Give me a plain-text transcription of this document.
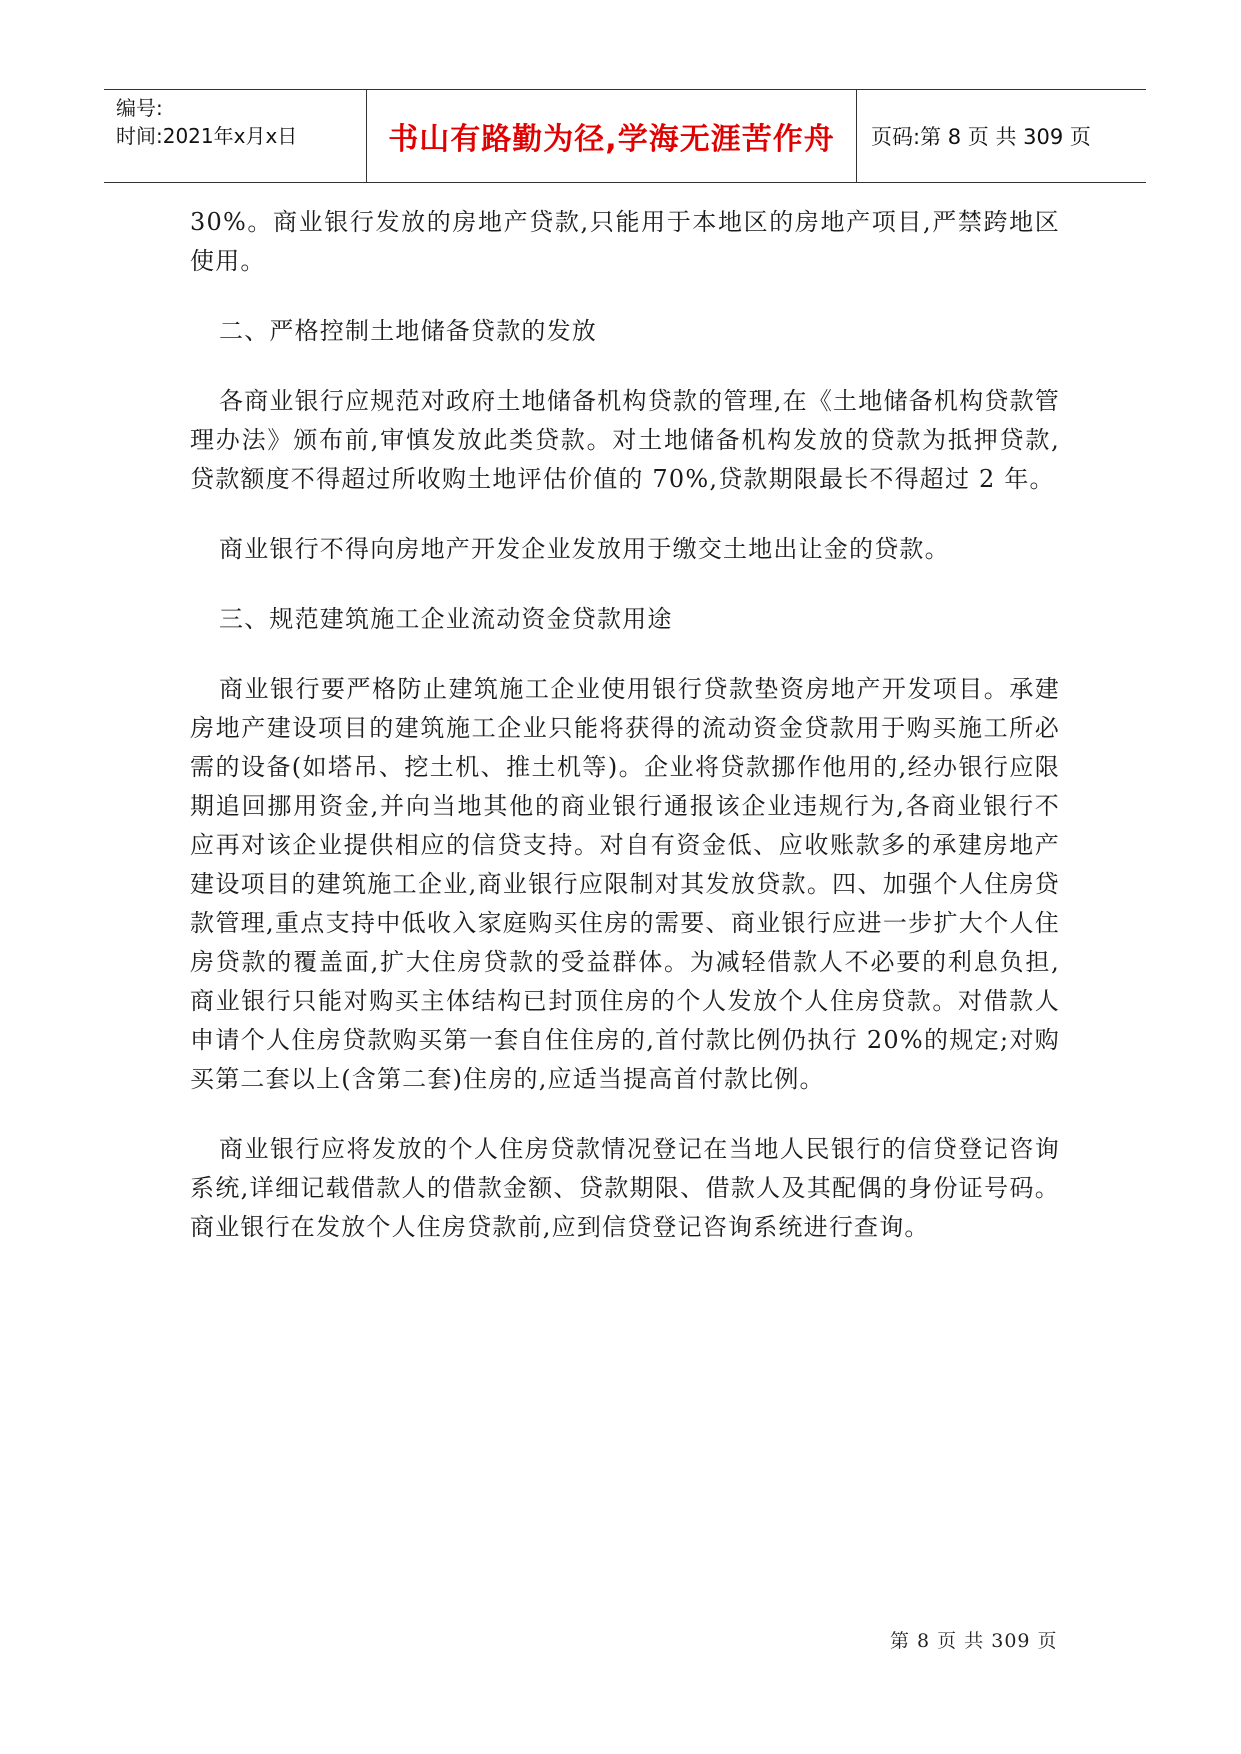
编号:
时间:2021年x月x日	书山有路勤为径,学海无涯苦作舟	页码:第 8 页 共 309 页

30%。商业银行发放的房地产贷款,只能用于本地区的房地产项目,严禁跨地区使用。

二、严格控制土地储备贷款的发放

各商业银行应规范对政府土地储备机构贷款的管理,在《土地储备机构贷款管理办法》颁布前,审慎发放此类贷款。对土地储备机构发放的贷款为抵押贷款,贷款额度不得超过所收购土地评估价值的 70%,贷款期限最长不得超过 2 年。

商业银行不得向房地产开发企业发放用于缴交土地出让金的贷款。

三、规范建筑施工企业流动资金贷款用途

商业银行要严格防止建筑施工企业使用银行贷款垫资房地产开发项目。承建房地产建设项目的建筑施工企业只能将获得的流动资金贷款用于购买施工所必需的设备(如塔吊、挖土机、推土机等)。企业将贷款挪作他用的,经办银行应限期追回挪用资金,并向当地其他的商业银行通报该企业违规行为,各商业银行不应再对该企业提供相应的信贷支持。对自有资金低、应收账款多的承建房地产建设项目的建筑施工企业,商业银行应限制对其发放贷款。四、加强个人住房贷款管理,重点支持中低收入家庭购买住房的需要、商业银行应进一步扩大个人住房贷款的覆盖面,扩大住房贷款的受益群体。为减轻借款人不必要的利息负担,商业银行只能对购买主体结构已封顶住房的个人发放个人住房贷款。对借款人申请个人住房贷款购买第一套自住住房的,首付款比例仍执行 20%的规定;对购买第二套以上(含第二套)住房的,应适当提高首付款比例。

商业银行应将发放的个人住房贷款情况登记在当地人民银行的信贷登记咨询系统,详细记载借款人的借款金额、贷款期限、借款人及其配偶的身份证号码。商业银行在发放个人住房贷款前,应到信贷登记咨询系统进行查询。

第 8 页 共 309 页
